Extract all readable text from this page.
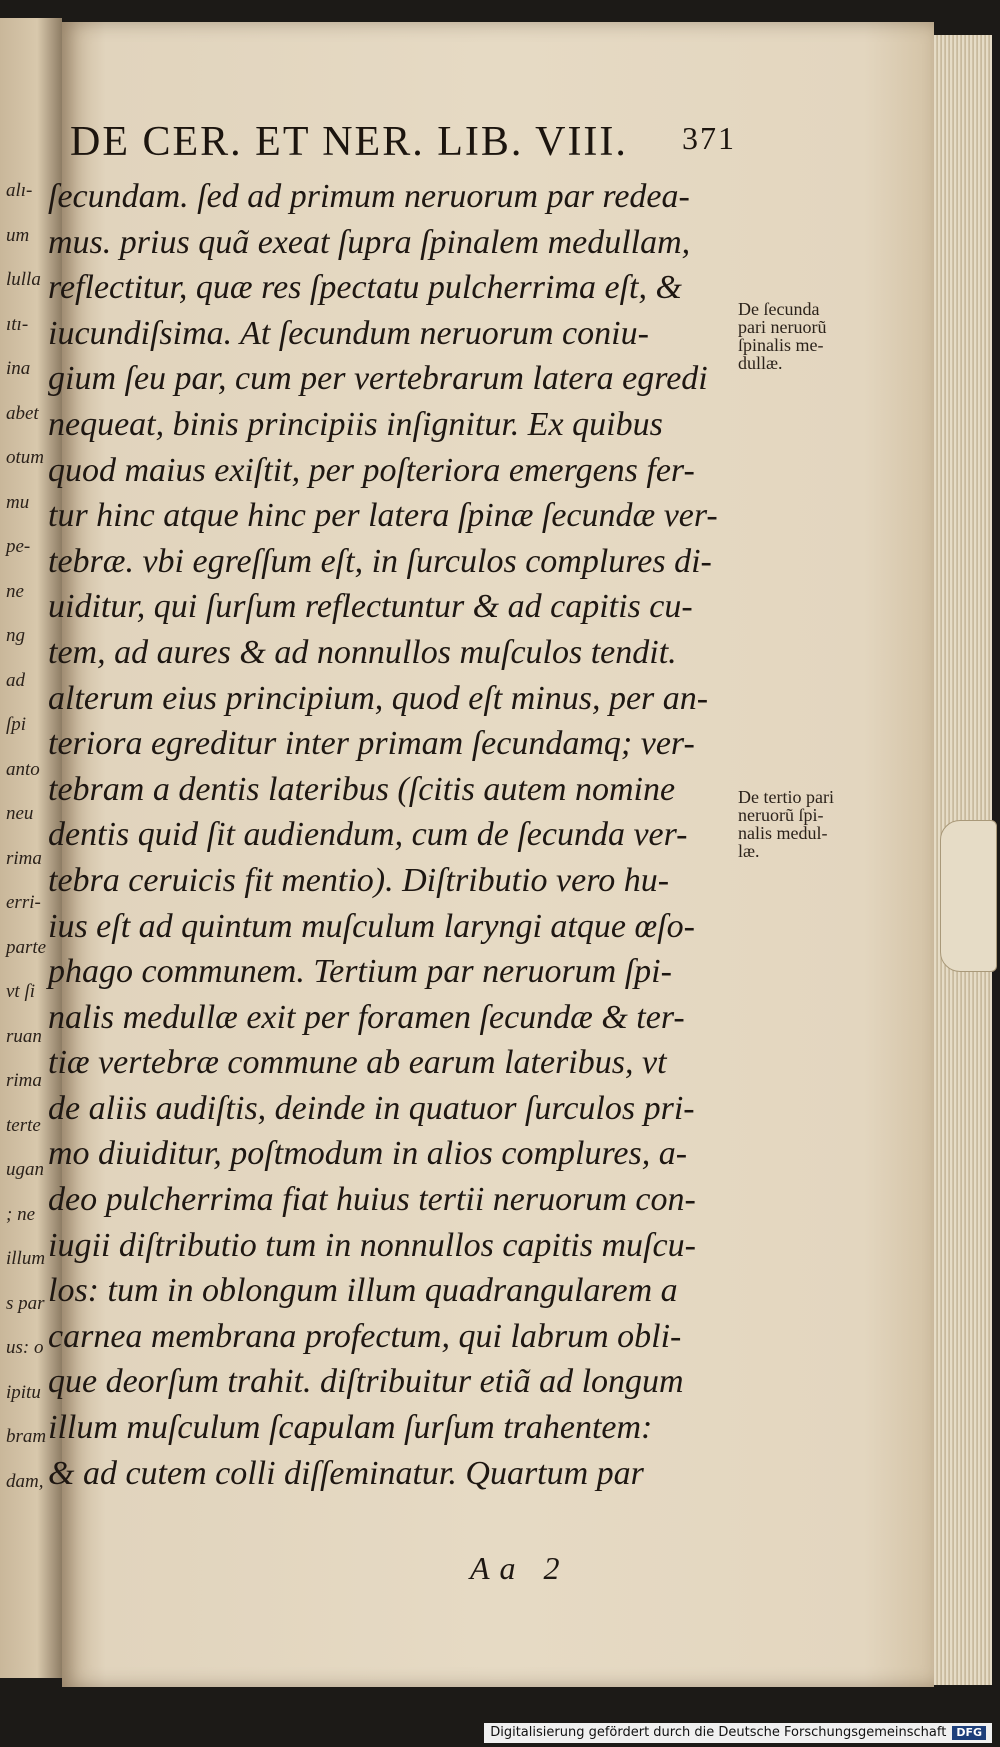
DE CER. ET NER. LIB. VIII. 371
ſecundam. ſed ad primum neruorum par redea-
mus. prius quã exeat ſupra ſpinalem medullam,
reflectitur, quæ res ſpectatu pulcherrima eſt, &
iucundiſsima. At ſecundum neruorum coniu-
gium ſeu par, cum per vertebrarum latera egredi
nequeat, binis principiis inſignitur. Ex quibus
quod maius exiſtit, per poſteriora emergens fer-
tur hinc atque hinc per latera ſpinæ ſecundæ ver-
tebræ. vbi egreſſum eſt, in ſurculos complures di-
uiditur, qui ſurſum reflectuntur & ad capitis cu-
tem, ad aures & ad nonnullos muſculos tendit.
alterum eius principium, quod eſt minus, per an-
teriora egreditur inter primam ſecundamq; ver-
tebram a dentis lateribus (ſcitis autem nomine
dentis quid ſit audiendum, cum de ſecunda ver-
tebra ceruicis fit mentio). Diſtributio vero hu-
ius eſt ad quintum muſculum laryngi atque œſo-
phago communem. Tertium par neruorum ſpi-
nalis medullæ exit per foramen ſecundæ & ter-
tiæ vertebræ commune ab earum lateribus, vt
de aliis audiſtis, deinde in quatuor ſurculos pri-
mo diuiditur, poſtmodum in alios complures, a-
deo pulcherrima fiat huius tertii neruorum con-
iugii diſtributio tum in nonnullos capitis muſcu-
los: tum in oblongum illum quadrangularem a
carnea membrana profectum, qui labrum obli-
que deorſum trahit. diſtribuitur etiã ad longum
illum muſculum ſcapulam ſurſum trahentem:
& ad cutem colli diſſeminatur. Quartum par
De ſecunda
pari neruorũ
ſpinalis me-
dullæ.
De tertio pari
neruorũ ſpi-
nalis medul-
læ.
alı-
um
lulla
ıtı-
ina
abet
otum
mu
pe-
ne
ng
ad
ſpi
anto
neu
rima
erri-
parte
vt ſi
ruan
rima
terte
ugan
; ne
illum
s par
us: o
ipitu
bram
dam,
Aa 2
Digitalisierung gefördert durch die Deutsche Forschungsgemeinschaft DFG
